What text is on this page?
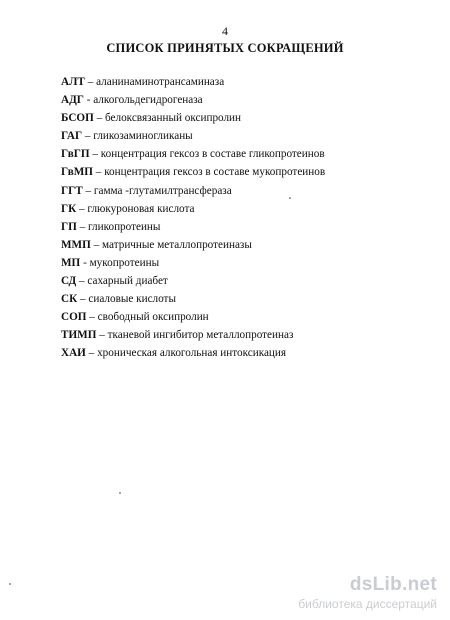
4
СПИСОК ПРИНЯТЫХ СОКРАЩЕНИЙ
АЛТ – аланинаминотрансаминаза
АДГ - алкогольдегидрогеназа
БСОП – белоксвязанный оксипролин
ГАГ – гликозаминогликаны
ГвГП – концентрация гексоз в составе гликопротеинов
ГвМП – концентрация гексоз в составе мукопротеинов
ГГТ – гамма -глутамилтрансфераза
ГК – глюкуроновая кислота
ГП – гликопротеины
ММП – матричные металлопротеиназы
МП - мукопротеины
СД – сахарный диабет
СК – сиаловые кислоты
СОП – свободный оксипролин
ТИМП – тканевой ингибитор металлопротеиназ
ХАИ – хроническая алкогольная интоксикация
dsLib.net
библиотека диссертаций
